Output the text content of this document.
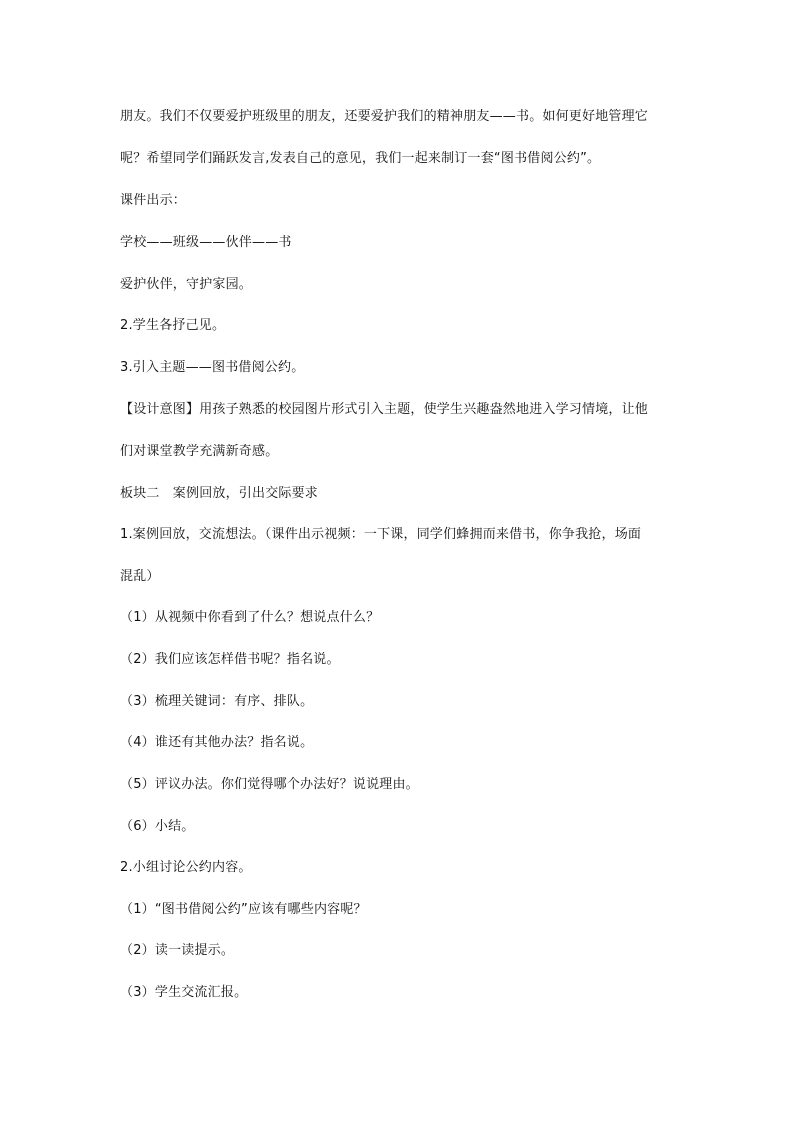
朋友。我们不仅要爱护班级里的朋友，还要爱护我们的精神朋友——书。如何更好地管理它
呢？希望同学们踊跃发言,发表自己的意见，我们一起来制订一套“图书借阅公约”。
课件出示：
学校——班级——伙伴——书
爱护伙伴，守护家园。
2.学生各抒己见。
3.引入主题——图书借阅公约。
【设计意图】用孩子熟悉的校园图片形式引入主题，使学生兴趣盎然地进入学习情境，让他
们对课堂教学充满新奇感。
板块二　案例回放，引出交际要求
1.案例回放，交流想法。（课件出示视频：一下课，同学们蜂拥而来借书，你争我抢，场面
混乱）
（1）从视频中你看到了什么？想说点什么？
（2）我们应该怎样借书呢？指名说。
（3）梳理关键词：有序、排队。
（4）谁还有其他办法？指名说。
（5）评议办法。你们觉得哪个办法好？说说理由。
（6）小结。
2.小组讨论公约内容。
（1）“图书借阅公约”应该有哪些内容呢？
（2）读一读提示。
（3）学生交流汇报。
